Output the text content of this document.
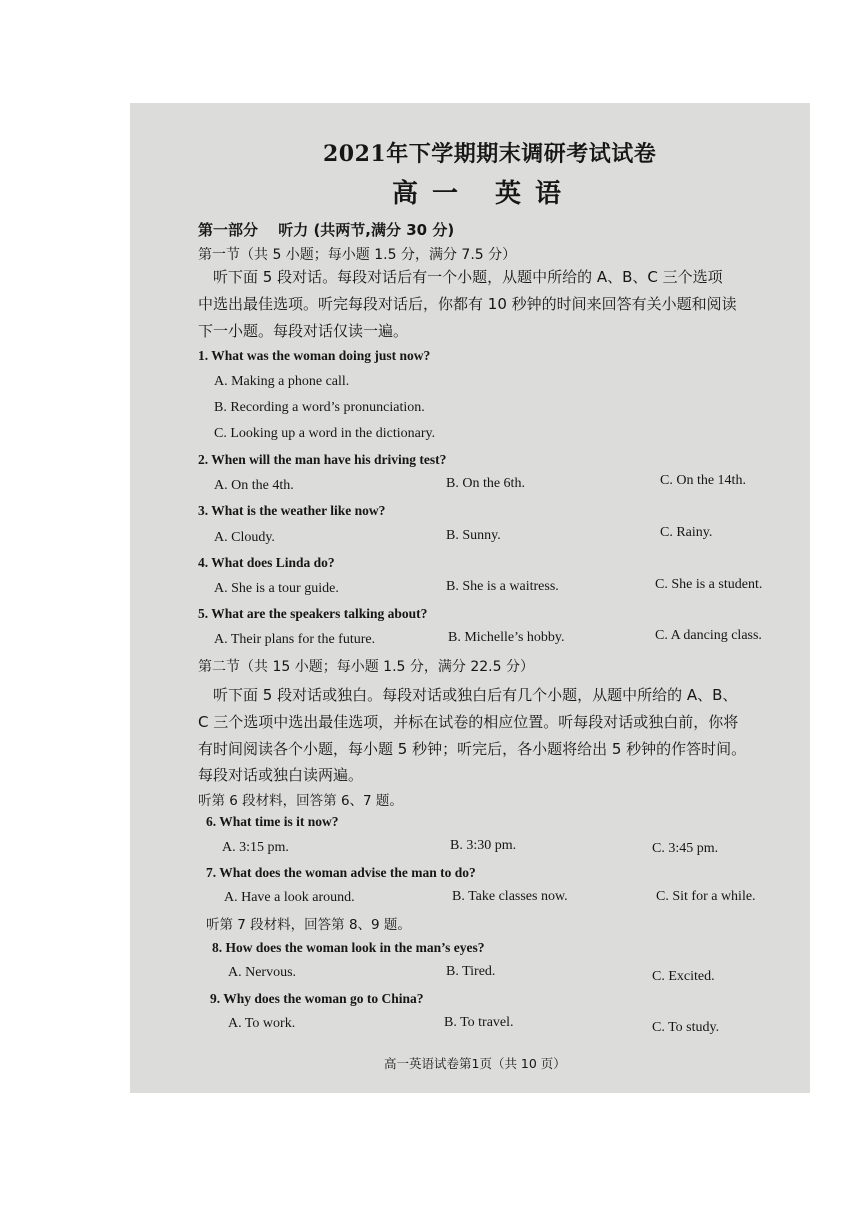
2021年下学期期末调研考试试卷
高一 英语
第一部分　 听力 (共两节,满分 30 分)
第一节（共 5 小题；每小题 1.5 分，满分 7.5 分）
　听下面 5 段对话。每段对话后有一个小题，从题中所给的 A、B、C 三个选项
中选出最佳选项。听完每段对话后，你都有 10 秒钟的时间来回答有关小题和阅读
下一小题。每段对话仅读一遍。
1. What was the woman doing just now?
A. Making a phone call.
B. Recording a word’s pronunciation.
C. Looking up a word in the dictionary.
2. When will the man have his driving test?
A. On the 4th.	B. On the 6th.	C. On the 14th.
3. What is the weather like now?
A. Cloudy.	B. Sunny.	C. Rainy.
4. What does Linda do?
A. She is a tour guide.	B. She is a waitress.	C. She is a student.
5. What are the speakers talking about?
A. Their plans for the future.	B. Michelle’s hobby.	C. A dancing class.
第二节（共 15 小题；每小题 1.5 分，满分 22.5 分）
　听下面 5 段对话或独白。每段对话或独白后有几个小题，从题中所给的 A、B、
C 三个选项中选出最佳选项，并标在试卷的相应位置。听每段对话或独白前，你将
有时间阅读各个小题，每小题 5 秒钟；听完后，各小题将给出 5 秒钟的作答时间。
每段对话或独白读两遍。
听第 6 段材料，回答第 6、7 题。
6. What time is it now?
A. 3:15 pm.	B. 3:30 pm.	C. 3:45 pm.
7. What does the woman advise the man to do?
A. Have a look around.	B. Take classes now.	C. Sit for a while.
听第 7 段材料，回答第 8、9 题。
8. How does the woman look in the man’s eyes?
A. Nervous.	B. Tired.	C. Excited.
9. Why does the woman go to China?
A. To work.	B. To travel.	C. To study.
高一英语试卷第1页（共 10 页）
